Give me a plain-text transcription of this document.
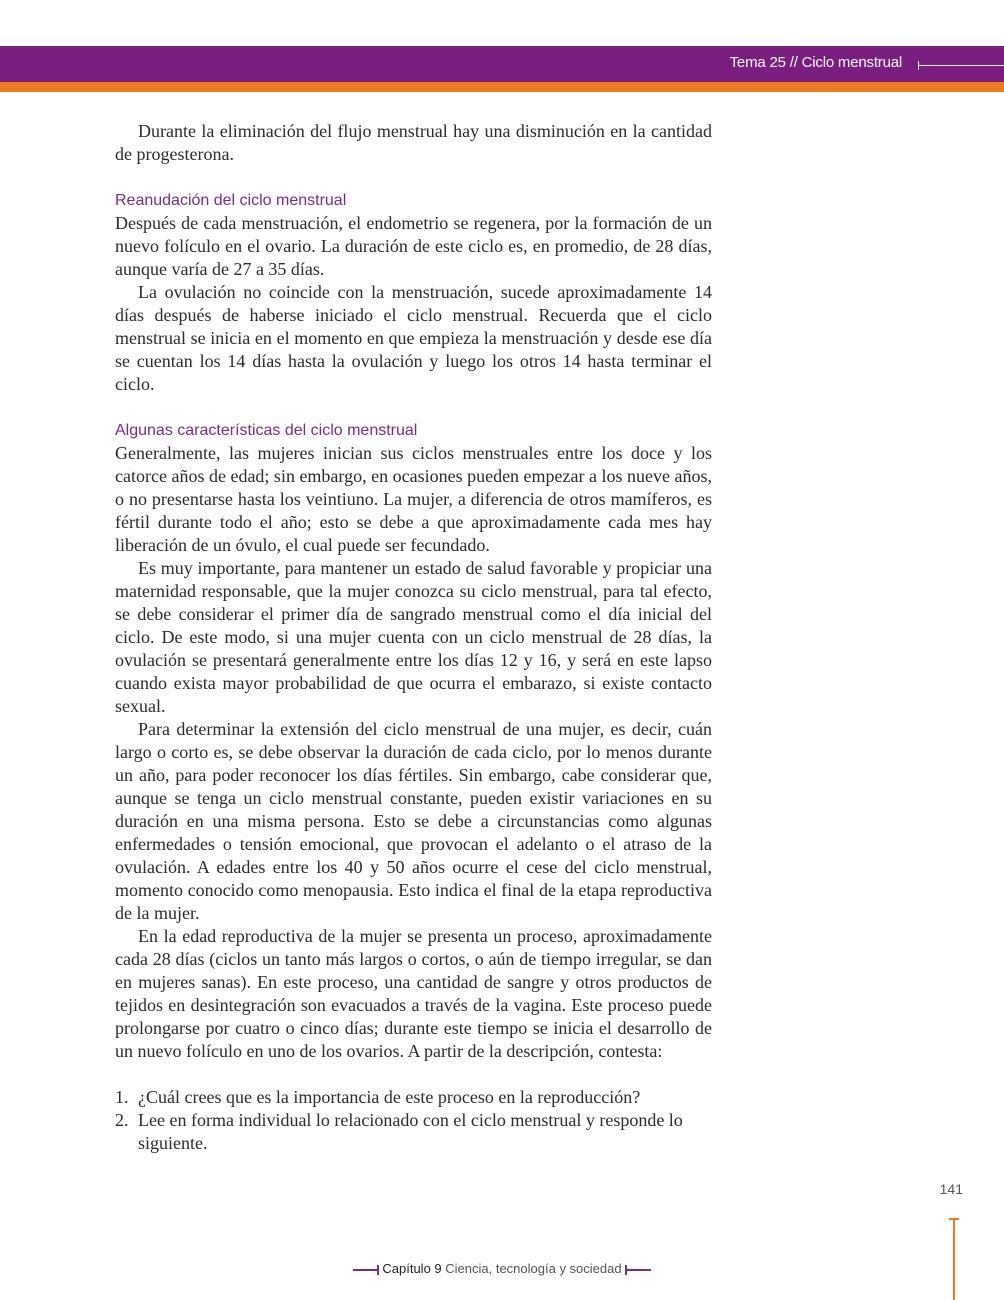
Tema 25 // Ciclo menstrual

Durante la eliminación del flujo menstrual hay una disminución en la cantidad de progesterona.

Reanudación del ciclo menstrual

Después de cada menstruación, el endometrio se regenera, por la formación de un nuevo folículo en el ovario. La duración de este ciclo es, en promedio, de 28 días, aunque varía de 27 a 35 días.

La ovulación no coincide con la menstruación, sucede aproximadamente 14 días después de haberse iniciado el ciclo menstrual. Recuerda que el ciclo menstrual se inicia en el momento en que empieza la menstruación y desde ese día se cuentan los 14 días hasta la ovulación y luego los otros 14 hasta terminar el ciclo.

Algunas características del ciclo menstrual

Generalmente, las mujeres inician sus ciclos menstruales entre los doce y los catorce años de edad; sin embargo, en ocasiones pueden empezar a los nueve años, o no presentarse hasta los veintiuno. La mujer, a diferencia de otros mamíferos, es fértil durante todo el año; esto se debe a que aproximadamente cada mes hay liberación de un óvulo, el cual puede ser fecundado.

Es muy importante, para mantener un estado de salud favorable y propiciar una maternidad responsable, que la mujer conozca su ciclo menstrual, para tal efecto, se debe considerar el primer día de sangrado menstrual como el día inicial del ciclo. De este modo, si una mujer cuenta con un ciclo menstrual de 28 días, la ovulación se presentará generalmente entre los días 12 y 16, y será en este lapso cuando exista mayor probabilidad de que ocurra el embarazo, si existe contacto sexual.

Para determinar la extensión del ciclo menstrual de una mujer, es decir, cuán largo o corto es, se debe observar la duración de cada ciclo, por lo menos durante un año, para poder reconocer los días fértiles. Sin embargo, cabe considerar que, aunque se tenga un ciclo menstrual constante, pueden existir variaciones en su duración en una misma persona. Esto se debe a circunstancias como algunas enfermedades o tensión emocional, que provocan el adelanto o el atraso de la ovulación. A edades entre los 40 y 50 años ocurre el cese del ciclo menstrual, momento conocido como menopausia. Esto indica el final de la etapa reproductiva de la mujer.

En la edad reproductiva de la mujer se presenta un proceso, aproximadamente cada 28 días (ciclos un tanto más largos o cortos, o aún de tiempo irregular, se dan en mujeres sanas). En este proceso, una cantidad de sangre y otros productos de tejidos en desintegración son evacuados a través de la vagina. Este proceso puede prolongarse por cuatro o cinco días; durante este tiempo se inicia el desarrollo de un nuevo folículo en uno de los ovarios. A partir de la descripción, contesta:

1. ¿Cuál crees que es la importancia de este proceso en la reproducción?
2. Lee en forma individual lo relacionado con el ciclo menstrual y responde lo siguiente.
141
Capítulo 9 Ciencia, tecnología y sociedad
